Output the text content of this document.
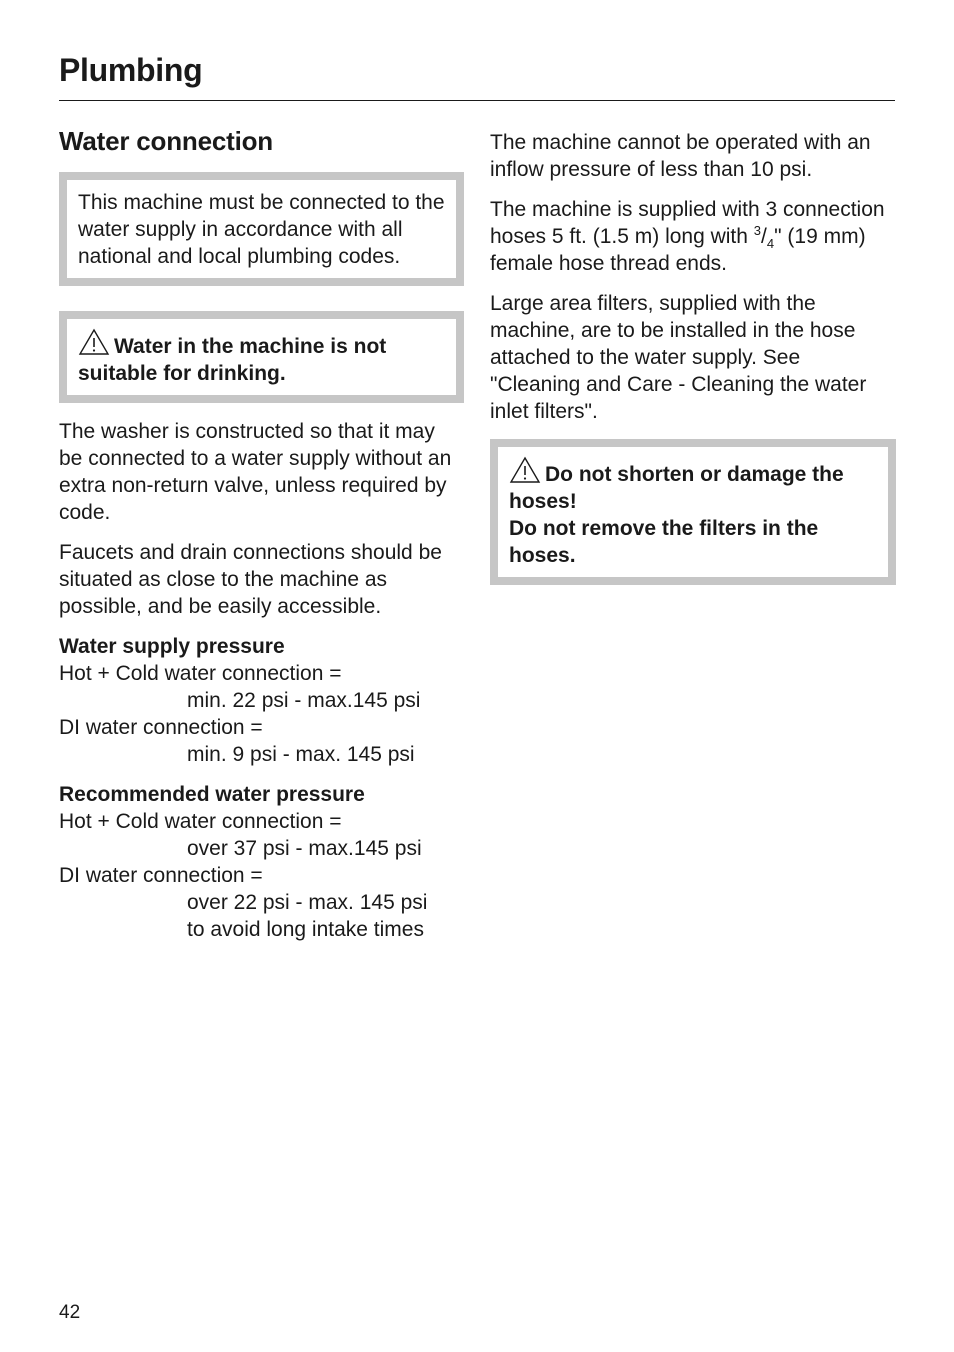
Plumbing
Water connection
This machine must be connected to the water supply in accordance with all national and local plumbing codes.
Water in the machine is not suitable for drinking.

The washer is constructed so that it may be connected to a water supply without an extra non-return valve, unless required by code.

Faucets and drain connections should be situated as close to the machine as possible, and be easily accessible.

Water supply pressure
Hot + Cold water connection =
min. 22 psi - max.145 psi
DI water connection =
min. 9 psi - max. 145 psi
Recommended water pressure
Hot + Cold water connection =
over 37 psi - max.145 psi
DI water connection =
over 22 psi - max. 145 psi
to avoid long intake times

The machine cannot be operated with an inflow pressure of less than 10 psi.

The machine is supplied with 3 connection hoses 5 ft. (1.5 m) long with $^3/_4$" (19 mm) female hose thread ends.

Large area filters, supplied with the machine, are to be installed in the hose attached to the water supply. See "Cleaning and Care - Cleaning the water inlet filters".

Do not shorten or damage the hoses!
Do not remove the filters in the hoses.
42
